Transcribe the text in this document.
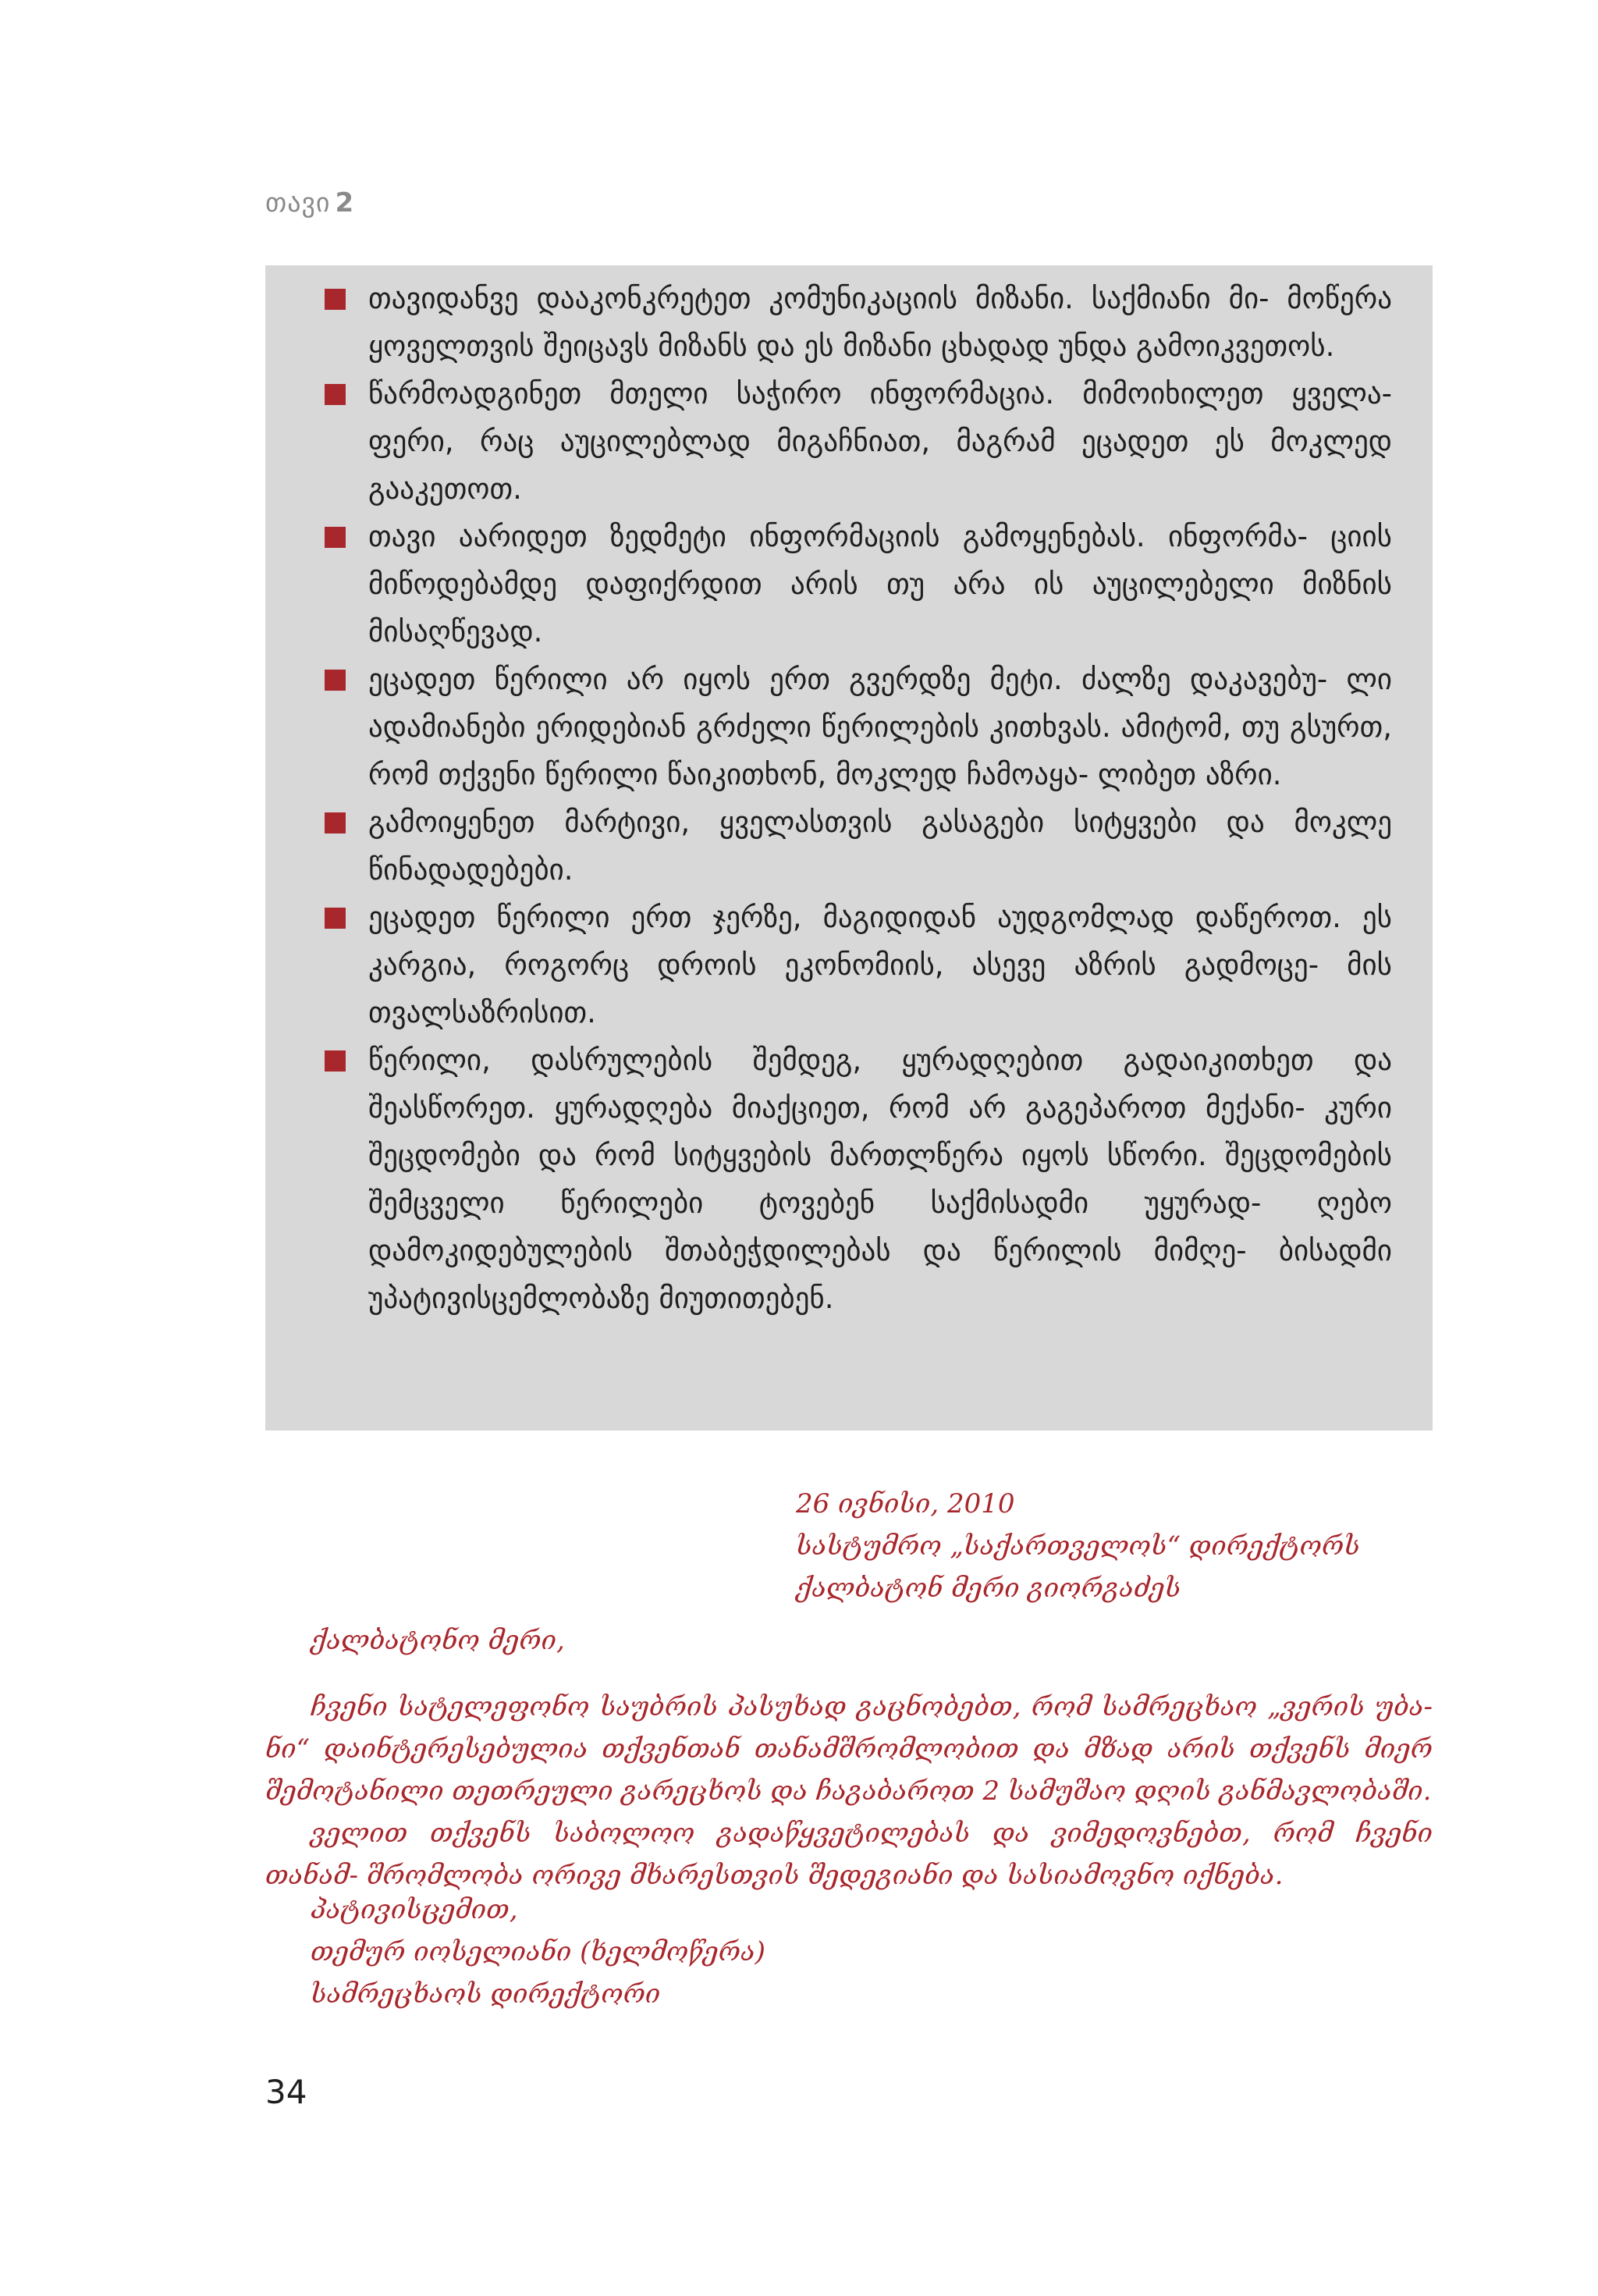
თავი 2
თავიდანვე დააკონკრეტეთ კომუნიკაციის მიზანი. საქმიანი მი- მოწერა ყოველთვის შეიცავს მიზანს და ეს მიზანი ცხადად უნდა გამოიკვეთოს.
წარმოადგინეთ მთელი საჭირო ინფორმაცია. მიმოიხილეთ ყველა- ფერი, რაც აუცილებლად მიგაჩნიათ, მაგრამ ეცადეთ ეს მოკლედ გააკეთოთ.
თავი აარიდეთ ზედმეტი ინფორმაციის გამოყენებას. ინფორმა- ციის მიწოდებამდე დაფიქრდით არის თუ არა ის აუცილებელი მიზნის მისაღწევად.
ეცადეთ წერილი არ იყოს ერთ გვერდზე მეტი. ძალზე დაკავებუ- ლი ადამიანები ერიდებიან გრძელი წერილების კითხვას. ამიტომ, თუ გსურთ, რომ თქვენი წერილი წაიკითხონ, მოკლედ ჩამოაყა- ლიბეთ აზრი.
გამოიყენეთ მარტივი, ყველასთვის გასაგები სიტყვები და მოკლე წინადადებები.
ეცადეთ წერილი ერთ ჯერზე, მაგიდიდან აუდგომლად დაწეროთ. ეს კარგია, როგორც დროის ეკონომიის, ასევე აზრის გადმოცე- მის თვალსაზრისით.
წერილი, დასრულების შემდეგ, ყურადღებით გადაიკითხეთ და შეასწორეთ. ყურადღება მიაქციეთ, რომ არ გაგეპაროთ მექანი- კური შეცდომები და რომ სიტყვების მართლწერა იყოს სწორი. შეცდომების შემცველი წერილები ტოვებენ საქმისადმი უყურად- ღებო დამოკიდებულების შთაბეჭდილებას და წერილის მიმღე- ბისადმი უპატივისცემლობაზე მიუთითებენ.
26 ივნისი, 2010
სასტუმრო „საქართველოს“ დირექტორს
ქალბატონ მერი გიორგაძეს
ქალბატონო მერი,

ჩვენი სატელეფონო საუბრის პასუხად გაცნობებთ, რომ სამრეცხაო „ვერის უბა- ნი“ დაინტერესებულია თქვენთან თანამშრომლობით და მზად არის თქვენს მიერ შემოტანილი თეთრეული გარეცხოს და ჩაგაბაროთ 2 სამუშაო დღის განმავლობაში.

ველით თქვენს საბოლოო გადაწყვეტილებას და ვიმედოვნებთ, რომ ჩვენი თანამ- შრომლობა ორივე მხარესთვის შედეგიანი და სასიამოვნო იქნება.

პატივისცემით,
თემურ იოსელიანი (ხელმოწერა)
სამრეცხაოს დირექტორი
34
